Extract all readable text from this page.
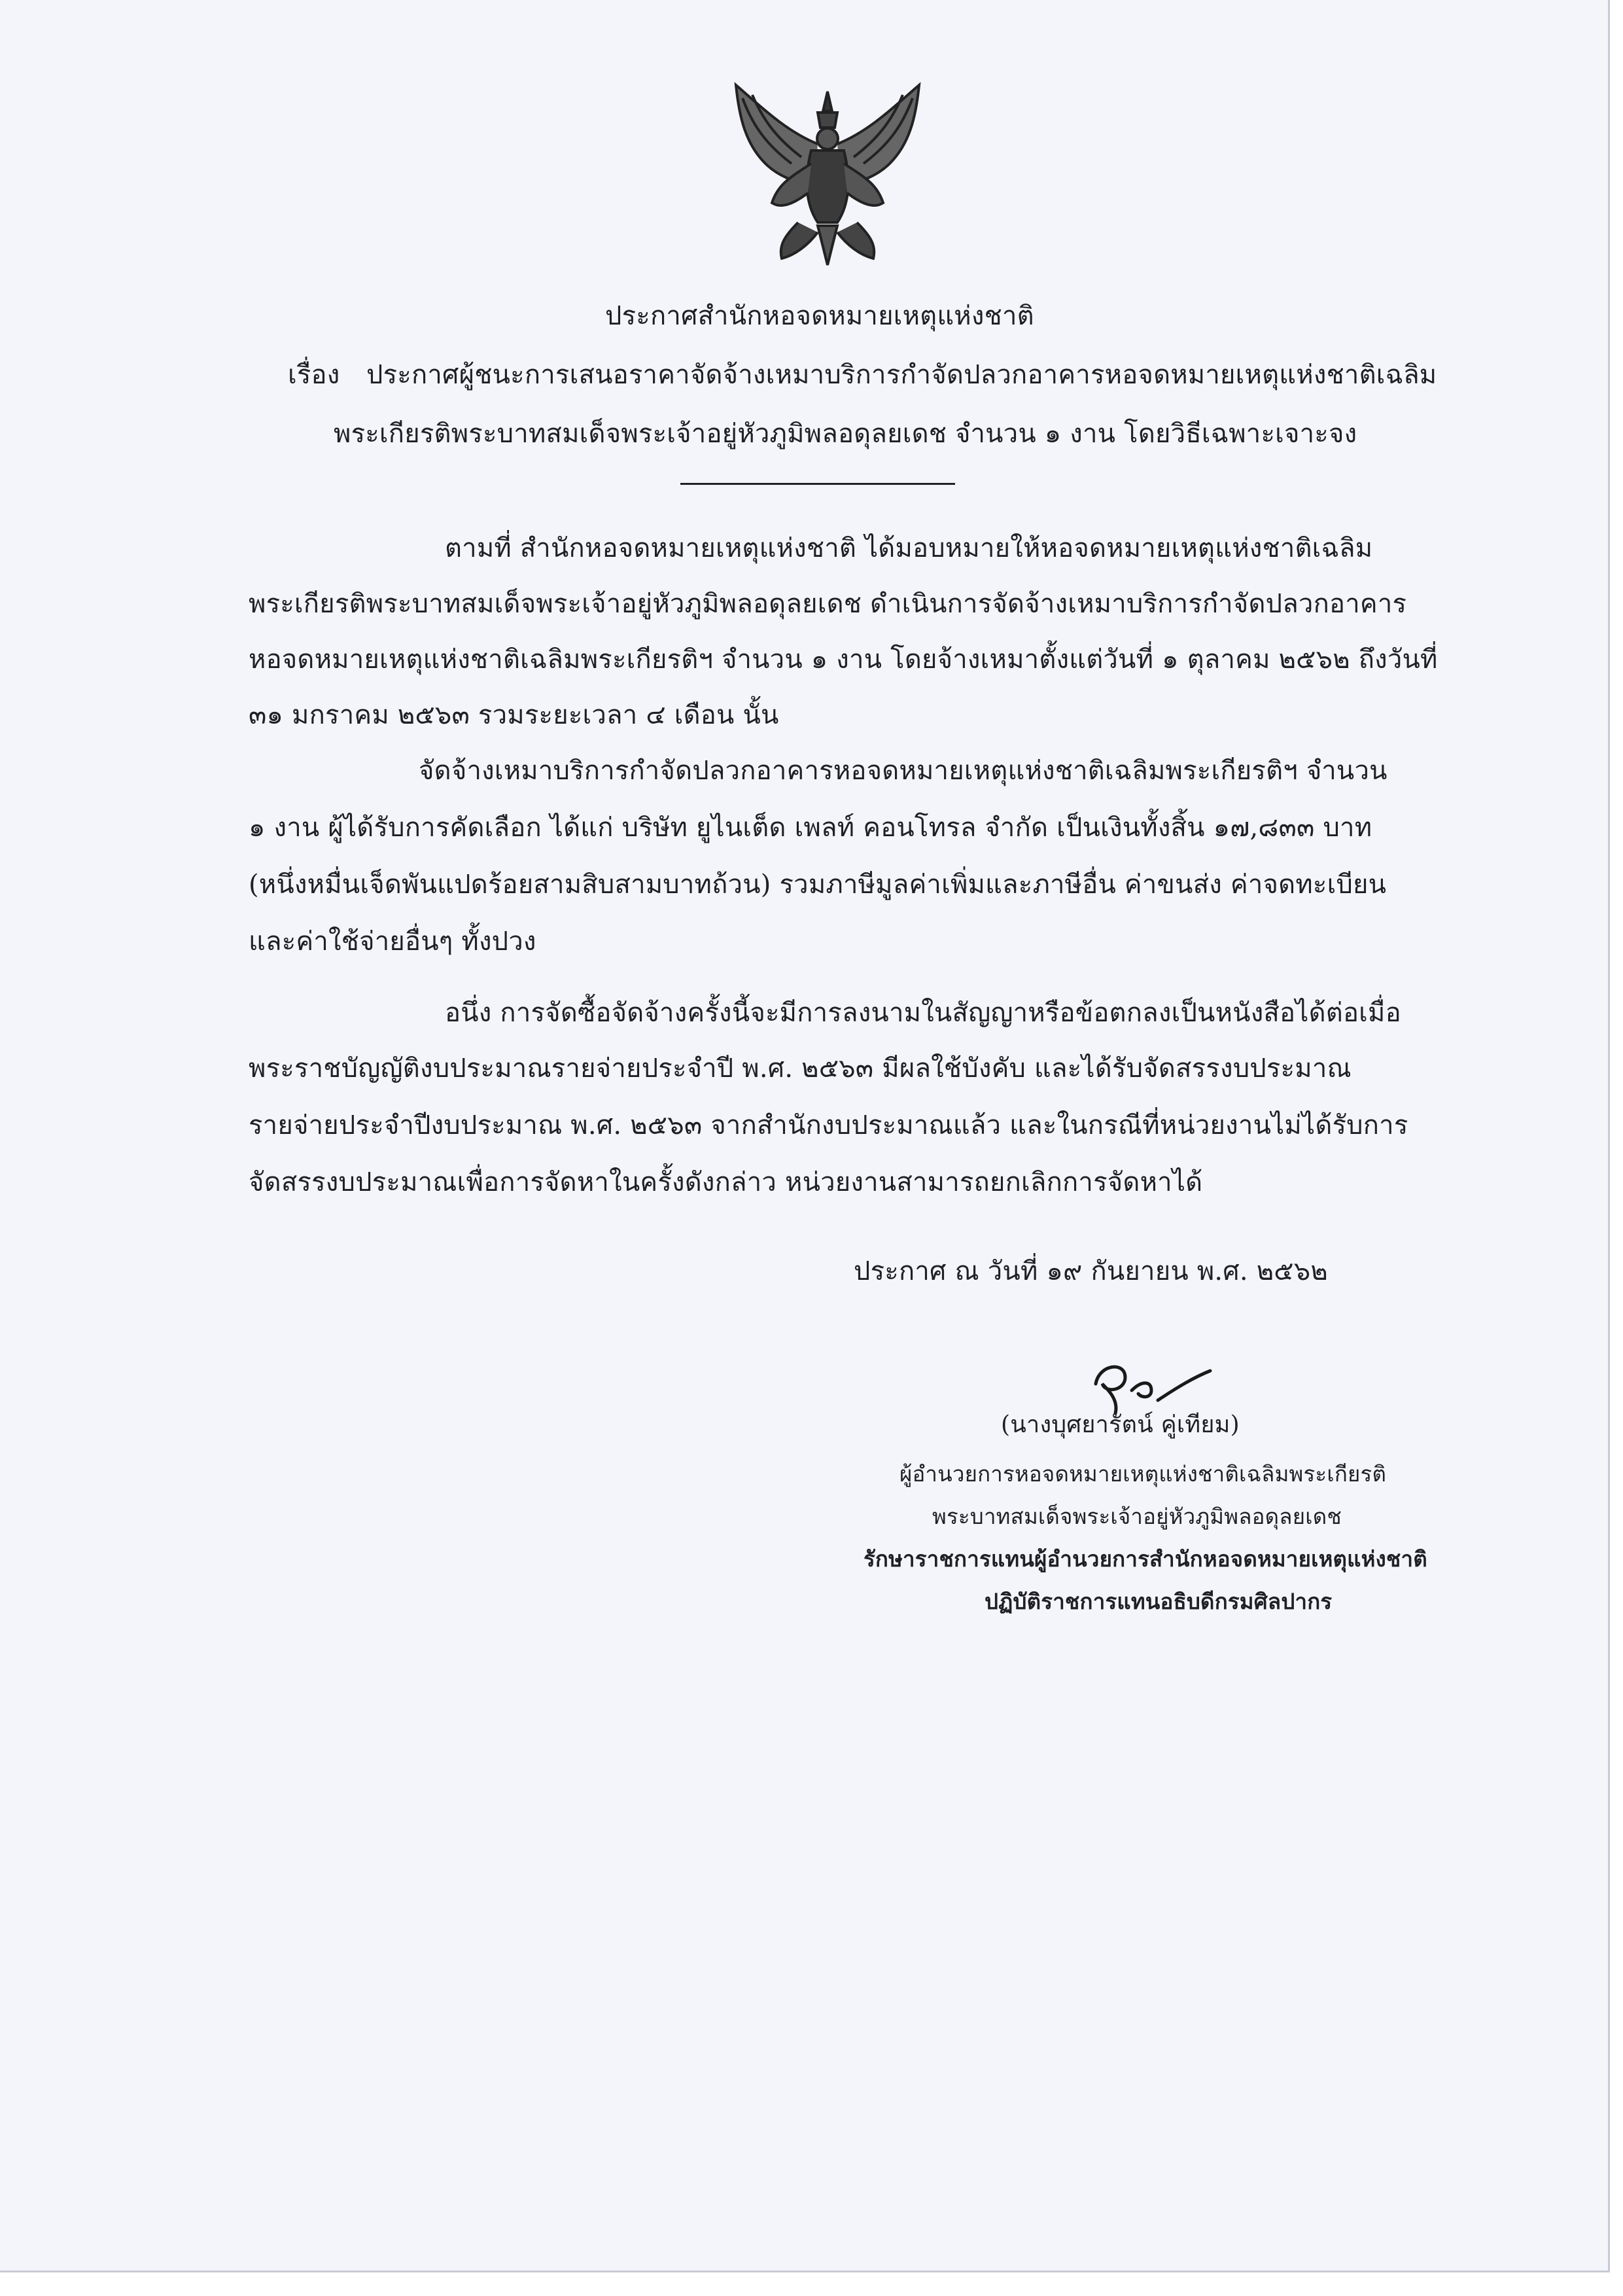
ประกาศสำนักหอจดหมายเหตุแห่งชาติ
เรื่อง ประกาศผู้ชนะการเสนอราคาจัดจ้างเหมาบริการกำจัดปลวกอาคารหอจดหมายเหตุแห่งชาติเฉลิม
พระเกียรติพระบาทสมเด็จพระเจ้าอยู่หัวภูมิพลอดุลยเดช จำนวน ๑ งาน โดยวิธีเฉพาะเจาะจง
ตามที่ สำนักหอจดหมายเหตุแห่งชาติ ได้มอบหมายให้หอจดหมายเหตุแห่งชาติเฉลิม
พระเกียรติพระบาทสมเด็จพระเจ้าอยู่หัวภูมิพลอดุลยเดช ดำเนินการจัดจ้างเหมาบริการกำจัดปลวกอาคาร
หอจดหมายเหตุแห่งชาติเฉลิมพระเกียรติฯ จำนวน ๑ งาน โดยจ้างเหมาตั้งแต่วันที่ ๑ ตุลาคม ๒๕๖๒ ถึงวันที่
๓๑ มกราคม ๒๕๖๓ รวมระยะเวลา ๔ เดือน นั้น
จัดจ้างเหมาบริการกำจัดปลวกอาคารหอจดหมายเหตุแห่งชาติเฉลิมพระเกียรติฯ จำนวน
๑ งาน ผู้ได้รับการคัดเลือก ได้แก่ บริษัท ยูไนเต็ด เพลท์ คอนโทรล จำกัด เป็นเงินทั้งสิ้น ๑๗,๘๓๓ บาท
(หนึ่งหมื่นเจ็ดพันแปดร้อยสามสิบสามบาทถ้วน) รวมภาษีมูลค่าเพิ่มและภาษีอื่น ค่าขนส่ง ค่าจดทะเบียน
และค่าใช้จ่ายอื่นๆ ทั้งปวง
อนึ่ง การจัดซื้อจัดจ้างครั้งนี้จะมีการลงนามในสัญญาหรือข้อตกลงเป็นหนังสือได้ต่อเมื่อ
พระราชบัญญัติงบประมาณรายจ่ายประจำปี พ.ศ. ๒๕๖๓ มีผลใช้บังคับ และได้รับจัดสรรงบประมาณ
รายจ่ายประจำปีงบประมาณ พ.ศ. ๒๕๖๓ จากสำนักงบประมาณแล้ว และในกรณีที่หน่วยงานไม่ได้รับการ
จัดสรรงบประมาณเพื่อการจัดหาในครั้งดังกล่าว หน่วยงานสามารถยกเลิกการจัดหาได้
ประกาศ ณ วันที่ ๑๙ กันยายน พ.ศ. ๒๕๖๒
(นางบุศยารัตน์ คู่เทียม)
ผู้อำนวยการหอจดหมายเหตุแห่งชาติเฉลิมพระเกียรติ
พระบาทสมเด็จพระเจ้าอยู่หัวภูมิพลอดุลยเดช
รักษาราชการแทนผู้อำนวยการสำนักหอจดหมายเหตุแห่งชาติ
ปฏิบัติราชการแทนอธิบดีกรมศิลปากร
